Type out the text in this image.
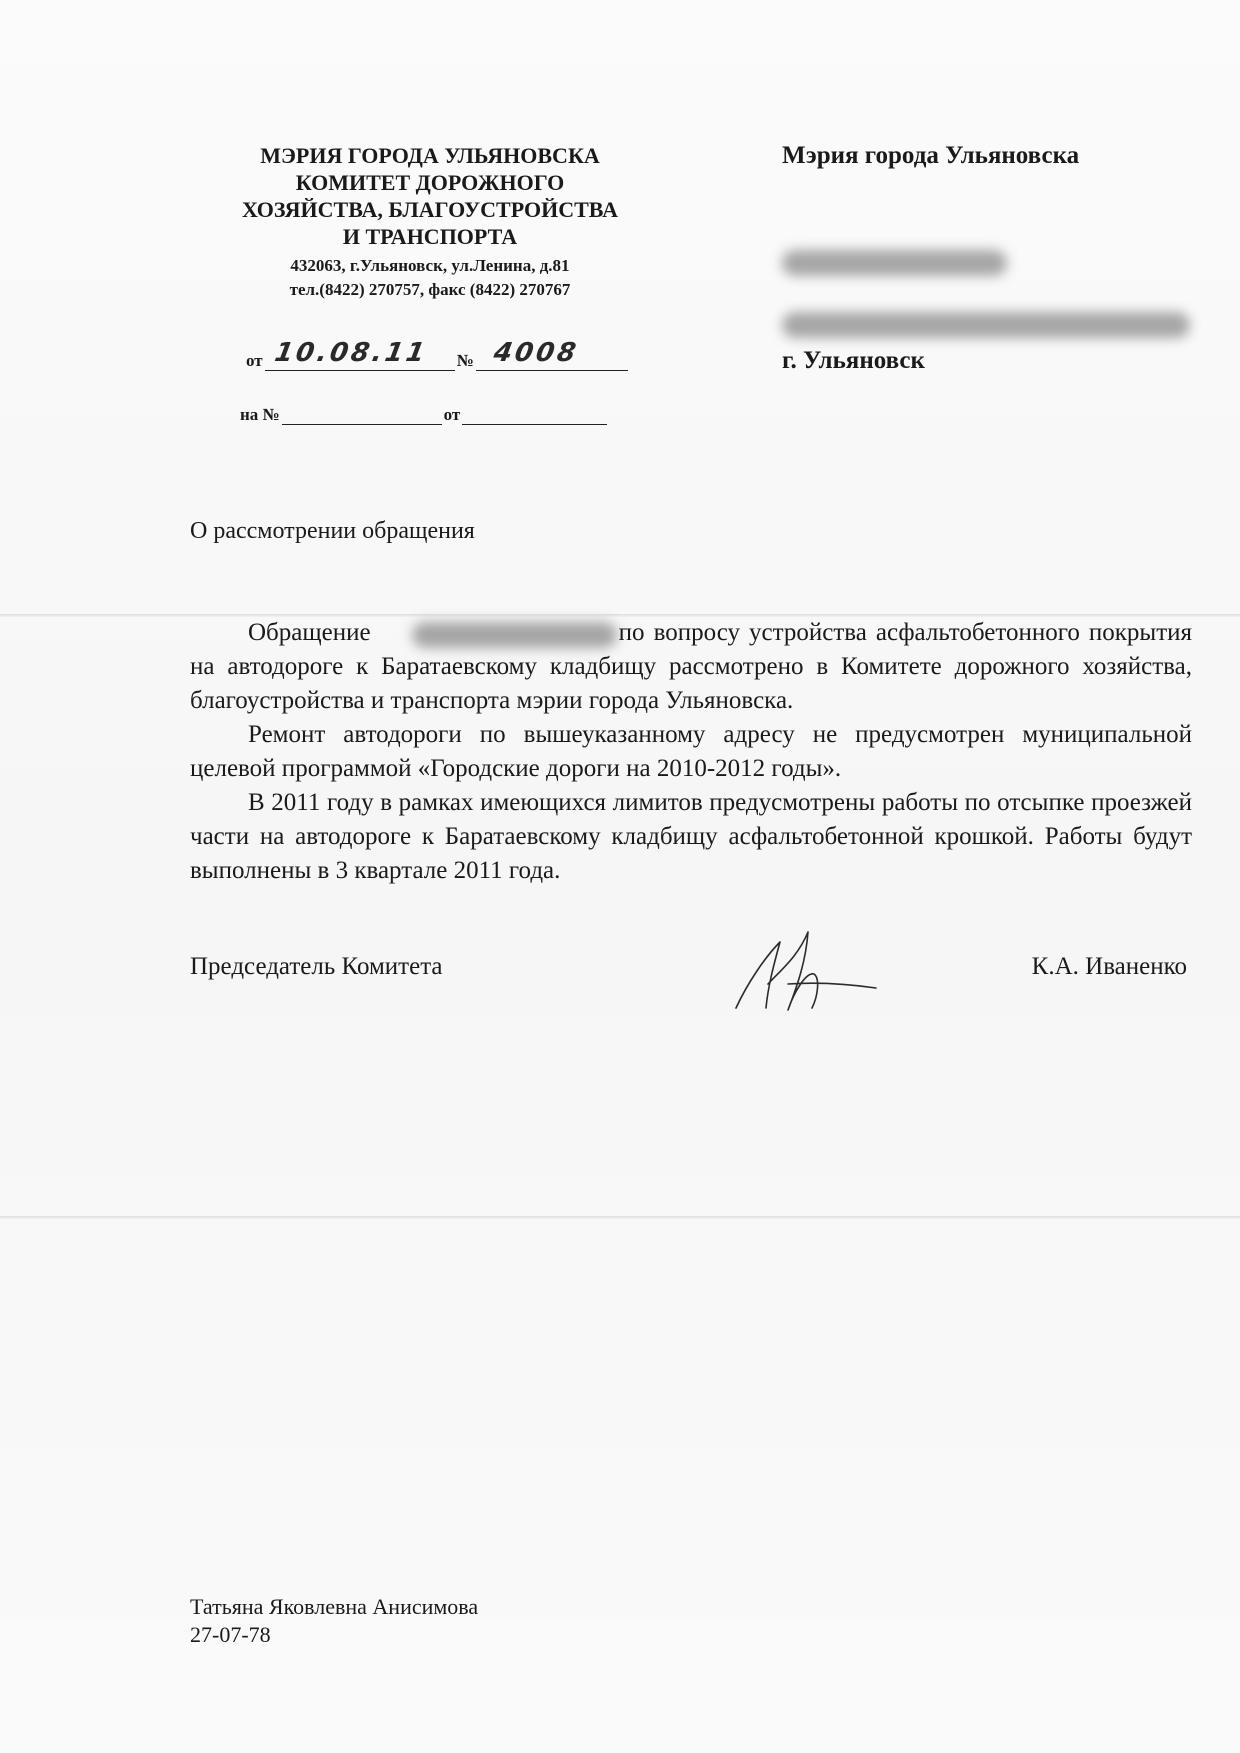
МЭРИЯ ГОРОДА УЛЬЯНОВСКА
КОМИТЕТ ДОРОЖНОГО
ХОЗЯЙСТВА, БЛАГОУСТРОЙСТВА
И ТРАНСПОРТА
432063, г.Ульяновск, ул.Ленина, д.81
тел.(8422) 270757, факс (8422) 270767
от 10.08.11 № 4008
на №	от
Мэрия города Ульяновска
г. Ульяновск
О рассмотрении обращения

Обращение	по вопросу устройства асфальтобетонного покрытия на автодороге к Баратаевскому кладбищу рассмотрено в Комитете дорожного хозяйства, благоустройства и транспорта мэрии города Ульяновска.

Ремонт автодороги по вышеуказанному адресу не предусмотрен муниципальной целевой программой «Городские дороги на 2010-2012 годы».

В 2011 году в рамках имеющихся лимитов предусмотрены работы по отсыпке проезжей части на автодороге к Баратаевскому кладбищу асфальтобетонной крошкой. Работы будут выполнены в 3 квартале 2011 года.

Председатель Комитета	К.А. Иваненко
Татьяна Яковлевна Анисимова
27-07-78
